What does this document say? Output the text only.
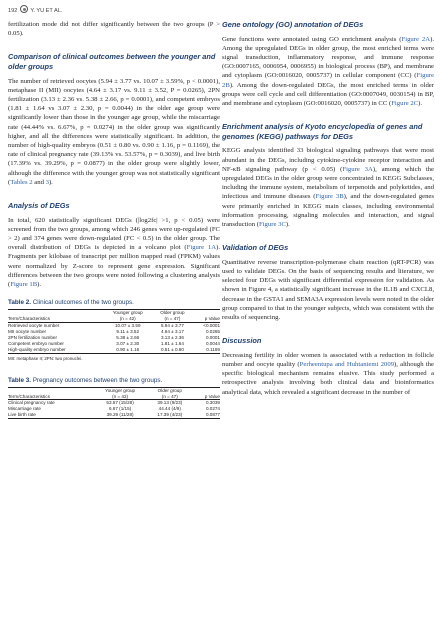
192 Y. YU ET AL.

fertilization mode did not differ significantly between the two groups (P > 0.05).

Comparison of clinical outcomes between the younger and older groups

The number of retrieved oocytes (5.94 ± 3.77 vs. 10.07 ± 3.59%, p < 0.0001), metaphase II (MII) oocytes (4.64 ± 3.17 vs. 9.11 ± 3.52, P = 0.0265), 2PN fertilization (3.13 ± 2.36 vs. 5.38 ± 2.66, p = 0.0001), and competent embryos (1.81 ± 1.64 vs 3.07 ± 2.30, p = 0.0044) in the older age group were significantly lower than those in the younger age group, while the miscarriage rate (44.44% vs. 6.67%, p = 0.0274) in the older group was significantly higher, and all the differences were statistically significant. In addition, the number of high-quality embryos (0.51 ± 0.80 vs. 0.90 ± 1.16, p = 0.1169), the rate of clinical pregnancy rate (39.13% vs. 53.57%, p = 0.3039), and live birth (17.39% vs. 39.29%, p = 0.0877) in the older group were slightly lower, although the difference with the younger group was not statistically significant (Tables 2 and 3).

Analysis of DEGs

In total, 620 statistically significant DEGs (|log2fc| >1, p < 0.05) were screened from the two groups, among which 246 genes were up-regulated (FC > 2) and 374 genes were down-regulated (FC < 0.5) in the older group. The overall distribution of DEGs is depicted in a volcano plot (Figure 1A). Fragments per kilobase of transcript per million mapped read (FPKM) values were normalized by Z-score to represent gene expression. Significant differences between the two groups were noted following a clustering analysis (Figure 1B).

Table 2. Clinical outcomes of the two groups.
	Younger group	Older group	
Term/Characteristics	(n = 42)	(n = 47)	p Value
Retrieved oocyte number	10.07 ± 3.59	5.94 ± 3.77	<0.0001
MII oocyte number	9.11 ± 3.52	4.64 ± 3.17	0.0265
2PN fertilization number	5.38 ± 2.66	3.13 ± 2.36	0.0001
Competent embryo number	3.07 ± 2.30	1.81 ± 1.64	0.0044
High-quality embryo number	0.90 ± 1.16	0.51 ± 0.80	0.1169
MII: metaphase II; 2PN: two pronuclei.
Table 3. Pregnancy outcomes between the two groups.
	Younger group	Older group	
Term/Characteristics	(n = 42)	(n = 47)	p Value
Clinical pregnancy rate	53.57 (15/28)	39.13 (9/23)	0.3039
Miscarriage rate	6.67 (1/15)	44.44 (4/9)	0.0274
Live birth rate	39.29 (11/28)	17.39 (4/23)	0.0877
Gene ontology (GO) annotation of DEGs

Gene functions were annotated using GO enrichment analysis (Figure 2A). Among the upregulated DEGs in older group, the most enriched terms were signal transduction, inflammatory response, and immune response (GO:0007165, 0006954, 0006955) in biological process (BP), and membrane and cytoplasm (GO:0016020, 0005737) in cellular component (CC) (Figure 2B). Among the down-regulated DEGs, the most enriched terms in older groups were cell cycle and cell differentiation (GO:0007049, 0030154) in BP, and membrane and cytoplasm (GO:0016020, 0005737) in CC (Figure 2C).

Enrichment analysis of Kyoto encyclopedia of genes and genomes (KEGG) pathways for DEGs

KEGG analysis identified 33 biological signaling pathways that were most abundant in the DEGs, including cytokine-cytokine receptor interaction and NF-κB signaling pathway (p < 0.05) (Figure 3A), among which the upregulated DEGs in the older group were concentrated in KEGG Subclasses, including the immune system, metabolism of terpenoids and polyketides, and infectious and immune diseases (Figure 3B), and the down-regulated genes were primarily enriched in KEGG main classes, including environmental information processing, signaling molecules and interaction, and signal transduction (Figure 3C).

Validation of DEGs

Quantitative reverse transcription-polymerase chain reaction (qRT-PCR) was used to validate DEGs. On the basis of sequencing results and literature, we selected four DEGs with significant differential expression for validation. As shown in Figure 4, a statistically significant increase in the IL1B and CXCL8, decrease in the GSTA1 and SEMA3A expression levels were noted in the older group compared to that in the younger subjects, which was consistent with the results of sequencing.

Discussion

Decreasing fertility in older women is associated with a reduction in follicle number and oocyte quality (Perheentupa and Huhtaniemi 2009), although the specific biological mechanism remains elusive. This study performed a retrospective analysis involving both clinical data and bioinformatics analytical data, which revealed a significant decrease in the number of
